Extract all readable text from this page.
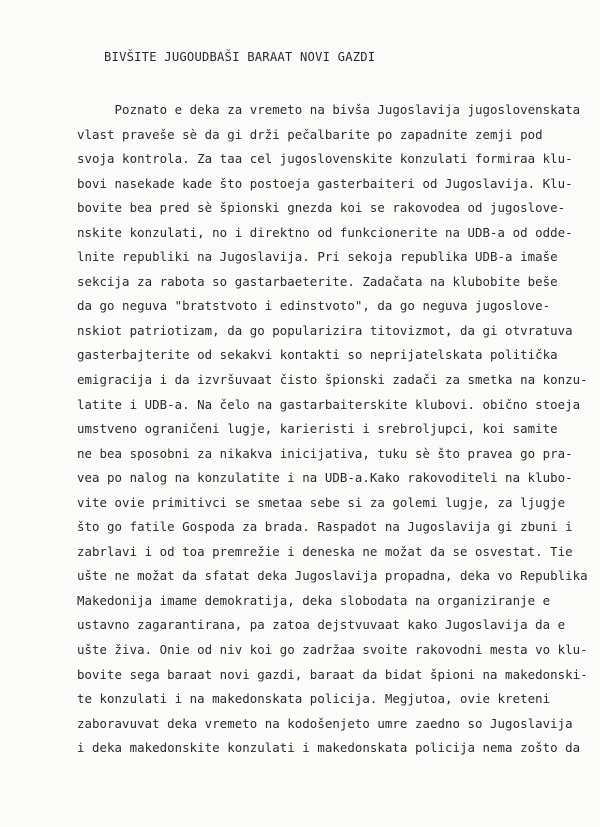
BIVŠITE JUGOUDBAŠI BARAAT NOVI GAZDI
Poznato e deka za vremeto na bivša Jugoslavija jugoslovenskata
vlast praveše sè da gi drži pečalbarite po zapadnite zemji pod
svoja kontrola. Za taa cel jugoslovenskite konzulati formiraa klu-
bovi nasekade kade što postoeja gasterbaiteri od Jugoslavija. Klu-
bovite bea pred sè špionski gnezda koi se rakovodea od jugoslove-
nskite konzulati, no i direktno od funkcionerite na UDB-a od odde-
lnite republiki na Jugoslavija. Pri sekoja republika UDB-a imaše
sekcija za rabota so gastarbaeterite. Zadačata na klubobite beše
da go neguva "bratstvoto i edinstvoto", da go neguva jugoslove-
nskiot patriotizam, da go popularizira titovizmot, da gi otvratuva
gasterbajterite od sekakvi kontakti so neprijatelskata politička
emigracija i da izvršuvaat čisto špionski zadači za smetka na konzu-
latite i UDB-a. Na čelo na gastarbaiterskite klubovi. obično stoeja
umstveno ograničeni lugje, karieristi i srebroljupci, koi samite
ne bea sposobni za nikakva inicijativa, tuku sè što pravea go pra-
vea po nalog na konzulatite i na UDB-a.Kako rakovoditeli na klubo-
vite ovie primitivci se smetaa sebe si za golemi lugje, za ljugje
što go fatile Gospoda za brada. Raspadot na Jugoslavija gi zbuni i
zabrlavi i od toa premrežie i deneska ne možat da se osvestat. Tie
ušte ne možat da sfatat deka Jugoslavija propadna, deka vo Republika
Makedonija imame demokratija, deka slobodata na organiziranje e
ustavno zagarantirana, pa zatoa dejstvuvaat kako Jugoslavija da e
ušte živa. Onie od niv koi go zadržaa svoite rakovodni mesta vo klu-
bovite sega baraat novi gazdi, baraat da bidat špioni na makedonski-
te konzulati i na makedonskata policija. Megjutoa, ovie kreteni
zaboravuvat deka vremeto na kodošenjeto umre zaedno so Jugoslavija
i deka makedonskite konzulati i makedonskata policija nema zošto da
